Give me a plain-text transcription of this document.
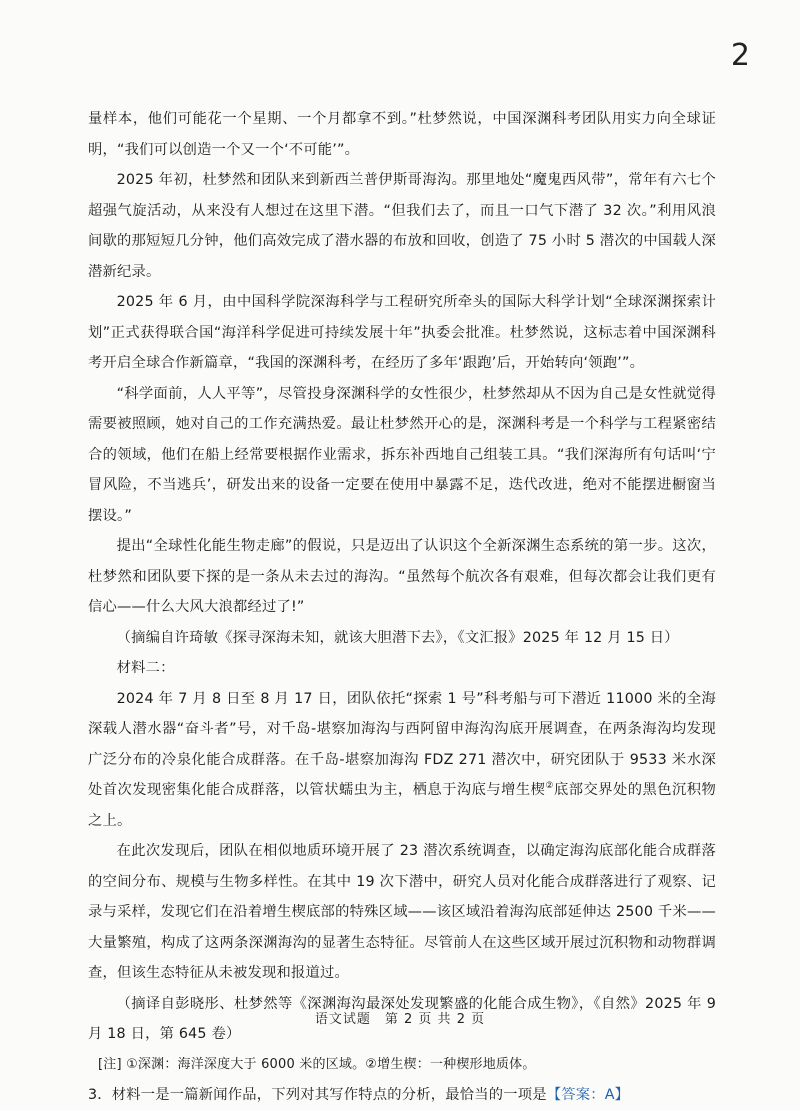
2

量样本，他们可能花一个星期、一个月都拿不到。”杜梦然说，中国深渊科考团队用实力向全球证明，“我们可以创造一个又一个‘不可能’”。

2025 年初，杜梦然和团队来到新西兰普伊斯哥海沟。那里地处“魔鬼西风带”，常年有六七个超强气旋活动，从来没有人想过在这里下潜。“但我们去了，而且一口气下潜了 32 次。”利用风浪间歇的那短短几分钟，他们高效完成了潜水器的布放和回收，创造了 75 小时 5 潜次的中国载人深潜新纪录。

2025 年 6 月，由中国科学院深海科学与工程研究所牵头的国际大科学计划“全球深渊探索计划”正式获得联合国“海洋科学促进可持续发展十年”执委会批准。杜梦然说，这标志着中国深渊科考开启全球合作新篇章，“我国的深渊科考，在经历了多年‘跟跑’后，开始转向‘领跑’”。

“科学面前，人人平等”，尽管投身深渊科学的女性很少，杜梦然却从不因为自己是女性就觉得需要被照顾，她对自己的工作充满热爱。最让杜梦然开心的是，深渊科考是一个科学与工程紧密结合的领域，他们在船上经常要根据作业需求，拆东补西地自己组装工具。“我们深海所有句话叫‘宁冒风险，不当逃兵’，研发出来的设备一定要在使用中暴露不足，迭代改进，绝对不能摆进橱窗当摆设。”

提出“全球性化能生物走廊”的假说，只是迈出了认识这个全新深渊生态系统的第一步。这次，杜梦然和团队要下探的是一条从未去过的海沟。“虽然每个航次各有艰难，但每次都会让我们更有信心——什么大风大浪都经过了!”

（摘编自许琦敏《探寻深海未知，就该大胆潜下去》，《文汇报》2025 年 12 月 15 日）

材料二：

2024 年 7 月 8 日至 8 月 17 日，团队依托“探索 1 号”科考船与可下潜近 11000 米的全海深载人潜水器“奋斗者”号，对千岛-堪察加海沟与西阿留申海沟沟底开展调查，在两条海沟均发现广泛分布的冷泉化能合成群落。在千岛-堪察加海沟 FDZ 271 潜次中，研究团队于 9533 米水深处首次发现密集化能合成群落，以管状蠕虫为主，栖息于沟底与增生楔②底部交界处的黑色沉积物之上。

在此次发现后，团队在相似地质环境开展了 23 潜次系统调查，以确定海沟底部化能合成群落的空间分布、规模与生物多样性。在其中 19 次下潜中，研究人员对化能合成群落进行了观察、记录与采样，发现它们在沿着增生楔底部的特殊区域——该区域沿着海沟底部延伸达 2500 千米——大量繁殖，构成了这两条深渊海沟的显著生态特征。尽管前人在这些区域开展过沉积物和动物群调查，但该生态特征从未被发现和报道过。

（摘译自彭晓彤、杜梦然等《深渊海沟最深处发现繁盛的化能合成生物》，《自然》2025 年 9 月 18 日，第 645 卷）

[注] ①深渊：海洋深度大于 6000 米的区域。②增生楔：一种楔形地质体。

3．材料一是一篇新闻作品，下列对其写作特点的分析，最恰当的一项是【答案：A】

语文试题　第 2 页 共 2 页
